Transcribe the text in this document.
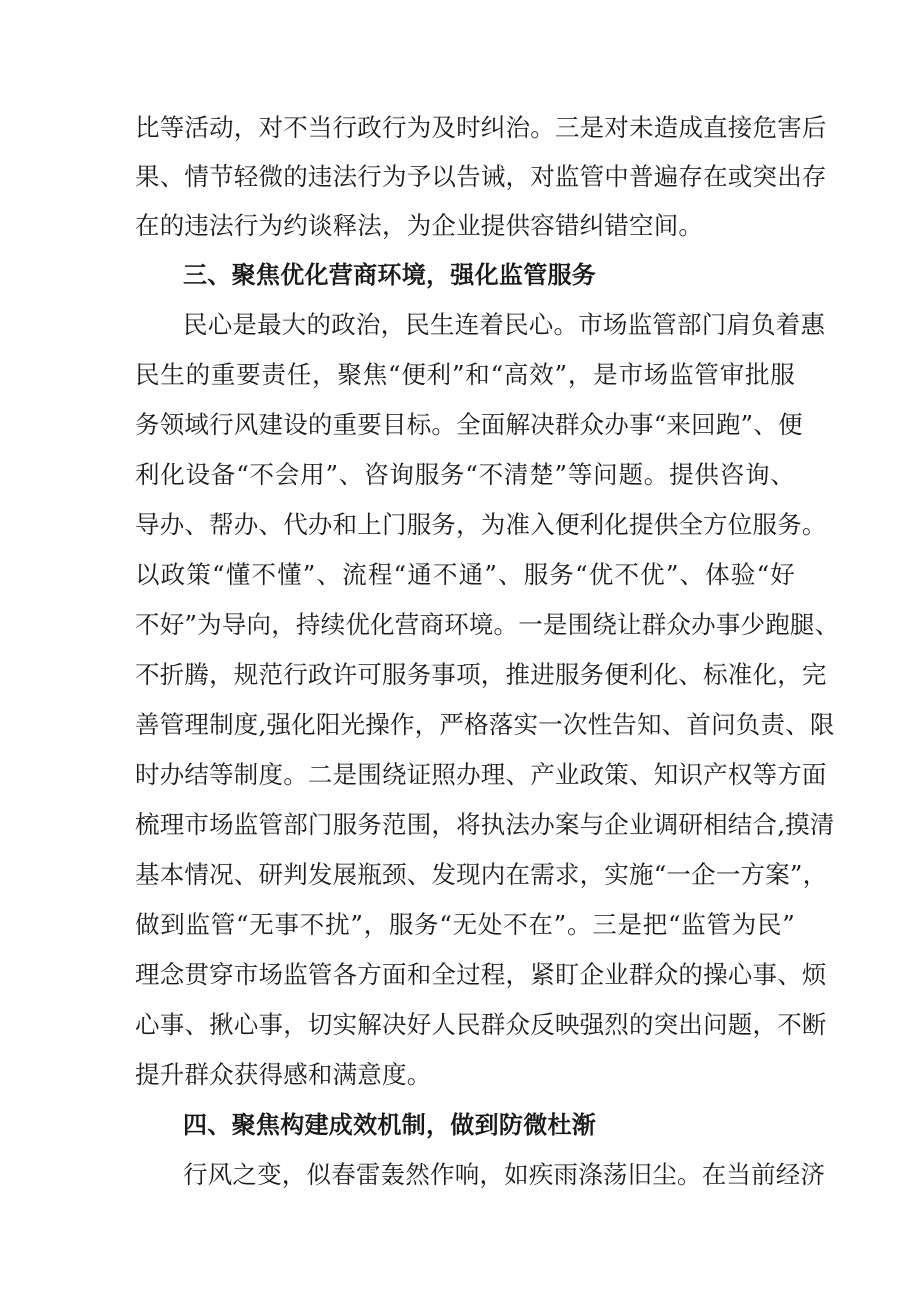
比等活动，对不当行政行为及时纠治。三是对未造成直接危害后
果、情节轻微的违法行为予以告诫，对监管中普遍存在或突出存
在的违法行为约谈释法，为企业提供容错纠错空间。
三、聚焦优化营商环境，强化监管服务
民心是最大的政治，民生连着民心。市场监管部门肩负着惠
民生的重要责任，聚焦“便利”和“高效”，是市场监管审批服
务领域行风建设的重要目标。全面解决群众办事“来回跑”、便
利化设备“不会用”、咨询服务“不清楚”等问题。提供咨询、
导办、帮办、代办和上门服务，为准入便利化提供全方位服务。
以政策“懂不懂”、流程“通不通”、服务“优不优”、体验“好
不好”为导向，持续优化营商环境。一是围绕让群众办事少跑腿、
不折腾，规范行政许可服务事项，推进服务便利化、标准化，完
善管理制度,强化阳光操作，严格落实一次性告知、首问负责、限
时办结等制度。二是围绕证照办理、产业政策、知识产权等方面
梳理市场监管部门服务范围，将执法办案与企业调研相结合,摸清
基本情况、研判发展瓶颈、发现内在需求，实施“一企一方案”，
做到监管“无事不扰”，服务“无处不在”。三是把“监管为民”
理念贯穿市场监管各方面和全过程，紧盯企业群众的操心事、烦
心事、揪心事，切实解决好人民群众反映强烈的突出问题，不断
提升群众获得感和满意度。
四、聚焦构建成效机制，做到防微杜渐
行风之变，似春雷轰然作响，如疾雨涤荡旧尘。在当前经济
